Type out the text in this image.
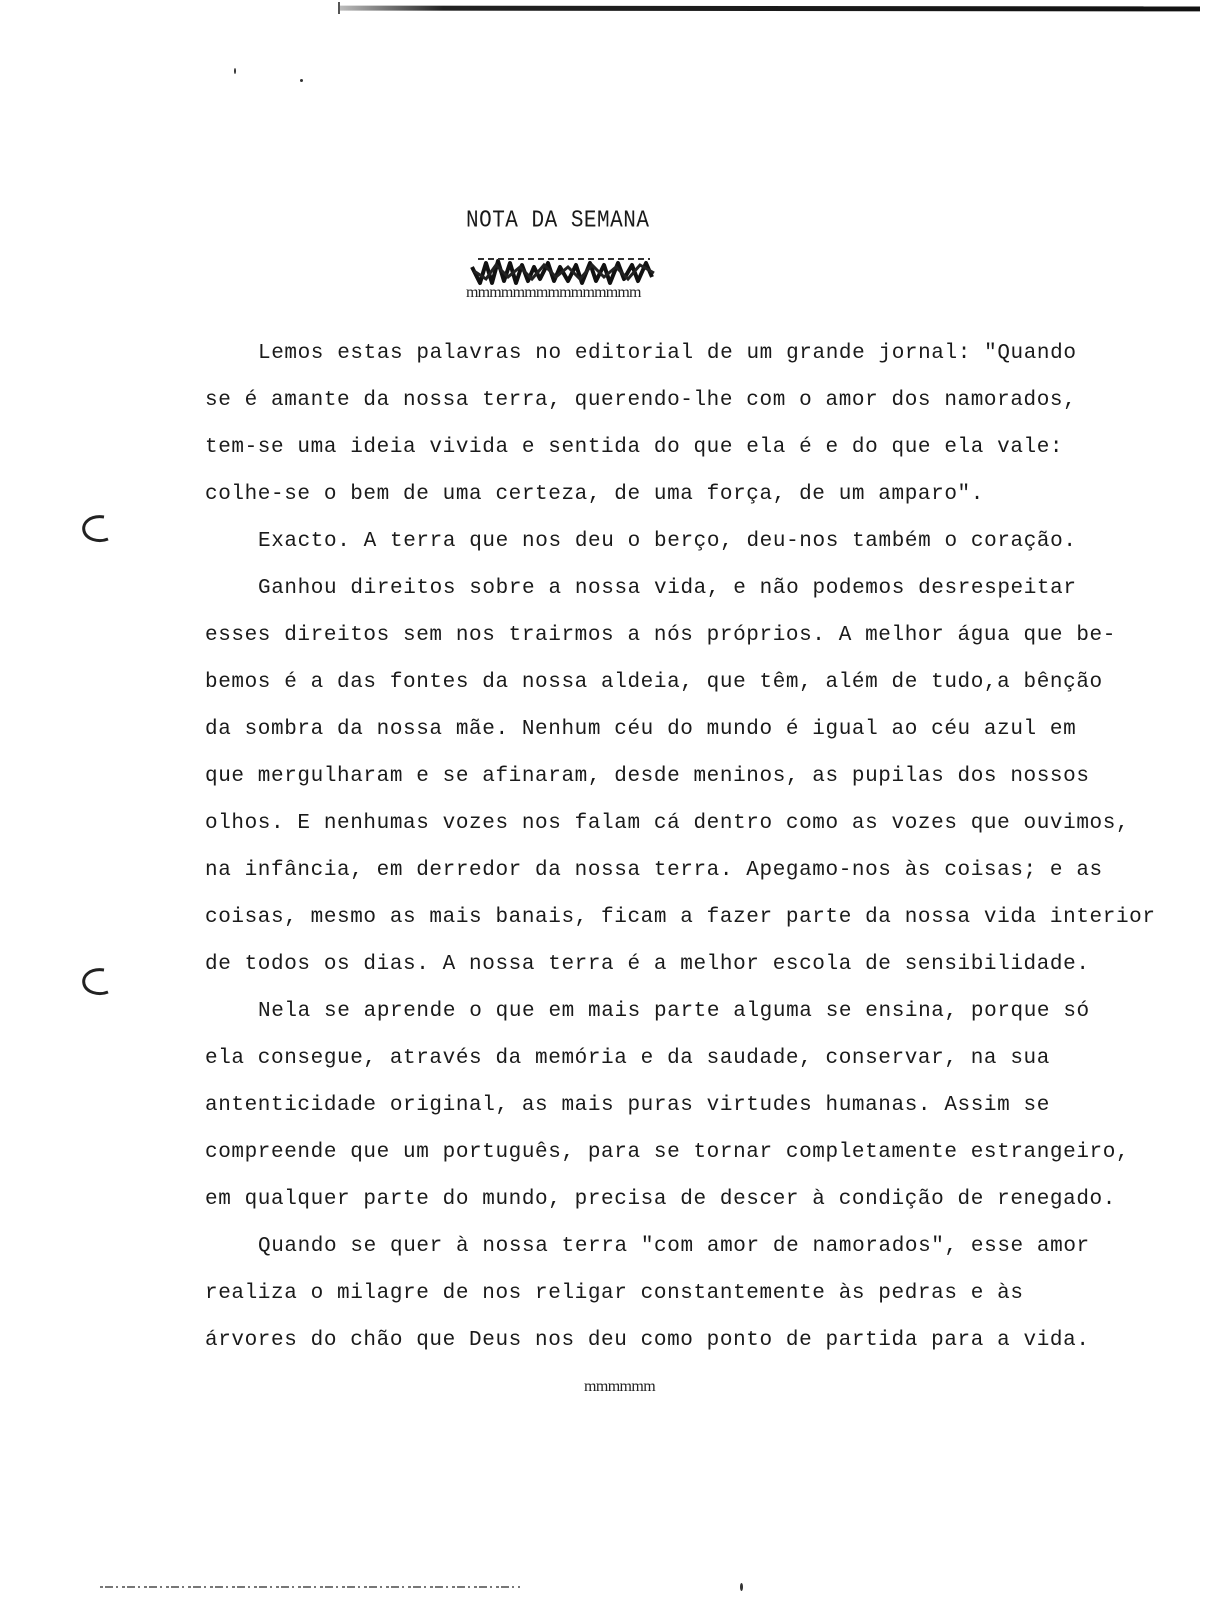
NOTA DA SEMANA
mmmmmmmmmmmmmmm
Lemos estas palavras no editorial de um grande jornal: "Quando
se é amante da nossa terra, querendo-lhe com o amor dos namorados,
tem-se uma ideia vivida e sentida do que ela é e do que ela vale:
colhe-se o bem de uma certeza, de uma força, de um amparo".
Exacto. A terra que nos deu o berço, deu-nos também o coração.
Ganhou direitos sobre a nossa vida, e não podemos desrespeitar
esses direitos sem nos trairmos a nós próprios. A melhor água que be-
bemos é a das fontes da nossa aldeia, que têm, além de tudo,a bênção
da sombra da nossa mãe. Nenhum céu do mundo é igual ao céu azul em
que mergulharam e se afinaram, desde meninos, as pupilas dos nossos
olhos. E nenhumas vozes nos falam cá dentro como as vozes que ouvimos,
na infância, em derredor da nossa terra. Apegamo-nos às coisas; e as
coisas, mesmo as mais banais, ficam a fazer parte da nossa vida interior
de todos os dias. A nossa terra é a melhor escola de sensibilidade.
Nela se aprende o que em mais parte alguma se ensina, porque só
ela consegue, através da memória e da saudade, conservar, na sua
antenticidade original, as mais puras virtudes humanas. Assim se
compreende que um português, para se tornar completamente estrangeiro,
em qualquer parte do mundo, precisa de descer à condição de renegado.
Quando se quer à nossa terra "com amor de namorados", esse amor
realiza o milagre de nos religar constantemente às pedras e às
árvores do chão que Deus nos deu como ponto de partida para a vida.
mmmmmm
